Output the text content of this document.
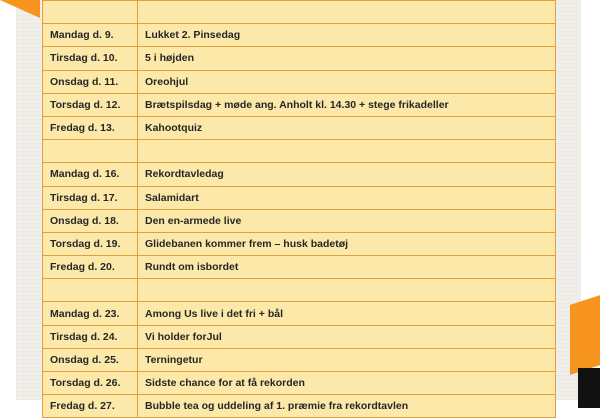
Mandag d. 9.	Lukket 2. Pinsedag
Tirsdag d. 10.	5 i højden
Onsdag d. 11.	Oreohjul
Torsdag d. 12.	Brætspilsdag + møde ang. Anholt kl. 14.30 + stege frikadeller
Fredag d. 13.	Kahootquiz

Mandag d. 16.	Rekordtavledag
Tirsdag d. 17.	Salamidart
Onsdag d. 18.	Den en-armede live
Torsdag d. 19.	Glidebanen kommer frem – husk badetøj
Fredag d. 20.	Rundt om isbordet

Mandag d. 23.	Among Us live i det fri + bål
Tirsdag d. 24.	Vi holder forJul
Onsdag d. 25.	Terningetur
Torsdag d. 26.	Sidste chance for at få rekorden
Fredag d. 27.	Bubble tea og uddeling af 1. præmie fra rekordtavlen
